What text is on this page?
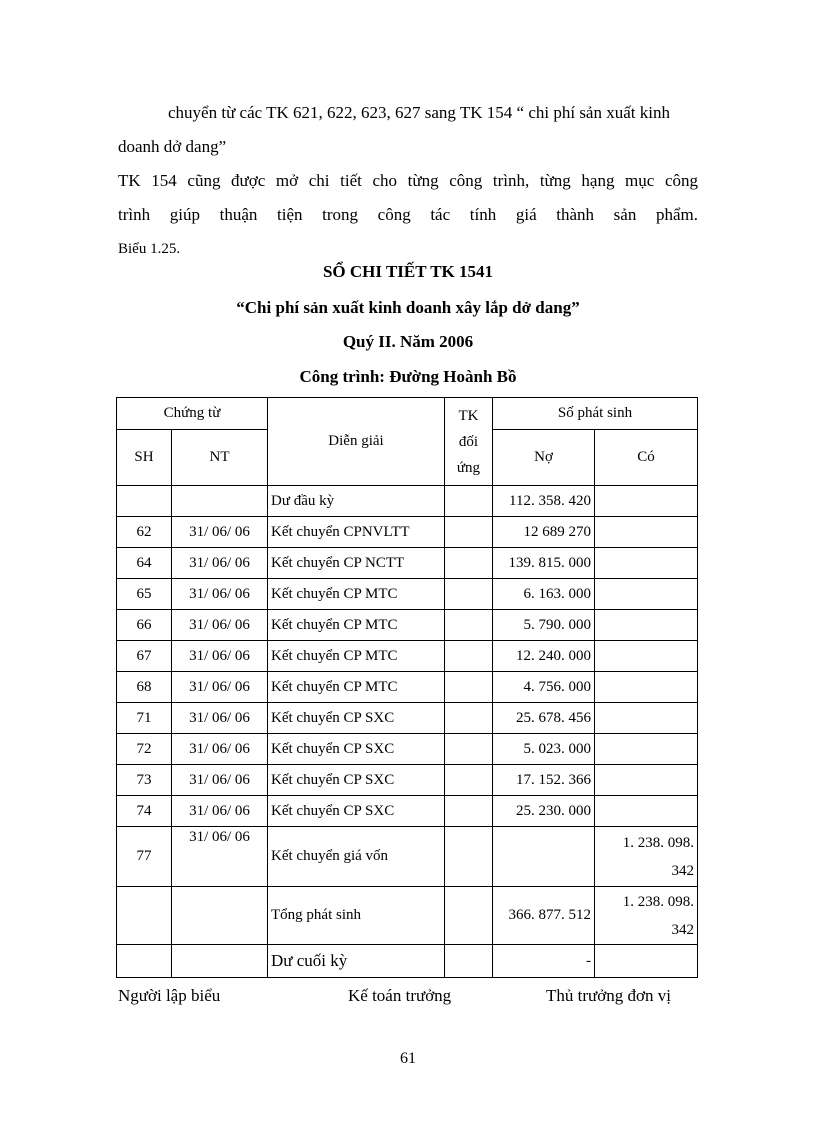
chuyển từ các TK 621, 622, 623, 627 sang TK 154 “ chi phí sản xuất kinh doanh dở dang”
TK 154 cũng được mở chi tiết cho từng công trình, từng hạng mục công
trình giúp thuận tiện trong công tác tính giá thành sản phẩm.
Biểu 1.25.
SỔ CHI TIẾT TK 1541
“Chi phí sản xuất kinh doanh xây lắp dở dang”
Quý II. Năm 2006
Công trình: Đường Hoành Bồ
Chứng từ		Diễn giải	TK đối ứng	Số phát sinh	
SH	NT			Nợ	Có
		Dư đầu kỳ		112. 358. 420	
62	31/ 06/ 06	Kết chuyển CPNVLTT		12 689 270	
64	31/ 06/ 06	Kết chuyển CP NCTT		139. 815. 000	
65	31/ 06/ 06	Kết chuyển CP MTC		6. 163. 000	
66	31/ 06/ 06	Kết chuyển CP MTC		5. 790. 000	
67	31/ 06/ 06	Kết chuyển CP MTC		12. 240. 000	
68	31/ 06/ 06	Kết chuyển CP MTC		4. 756. 000	
71	31/ 06/ 06	Kết chuyển CP SXC		25. 678. 456	
72	31/ 06/ 06	Kết chuyển CP SXC		5. 023. 000	
73	31/ 06/ 06	Kết chuyển CP SXC		17. 152. 366	
74	31/ 06/ 06	Kết chuyển CP SXC		25. 230. 000	
77	31/ 06/ 06	Kết chuyển giá vốn			1. 238. 098.
342
		Tổng phát sinh		366. 877. 512	1. 238. 098.
342
		Dư cuối kỳ		-	
Người lập biểu	Kế toán trưởng	Thủ trưởng đơn vị
61
